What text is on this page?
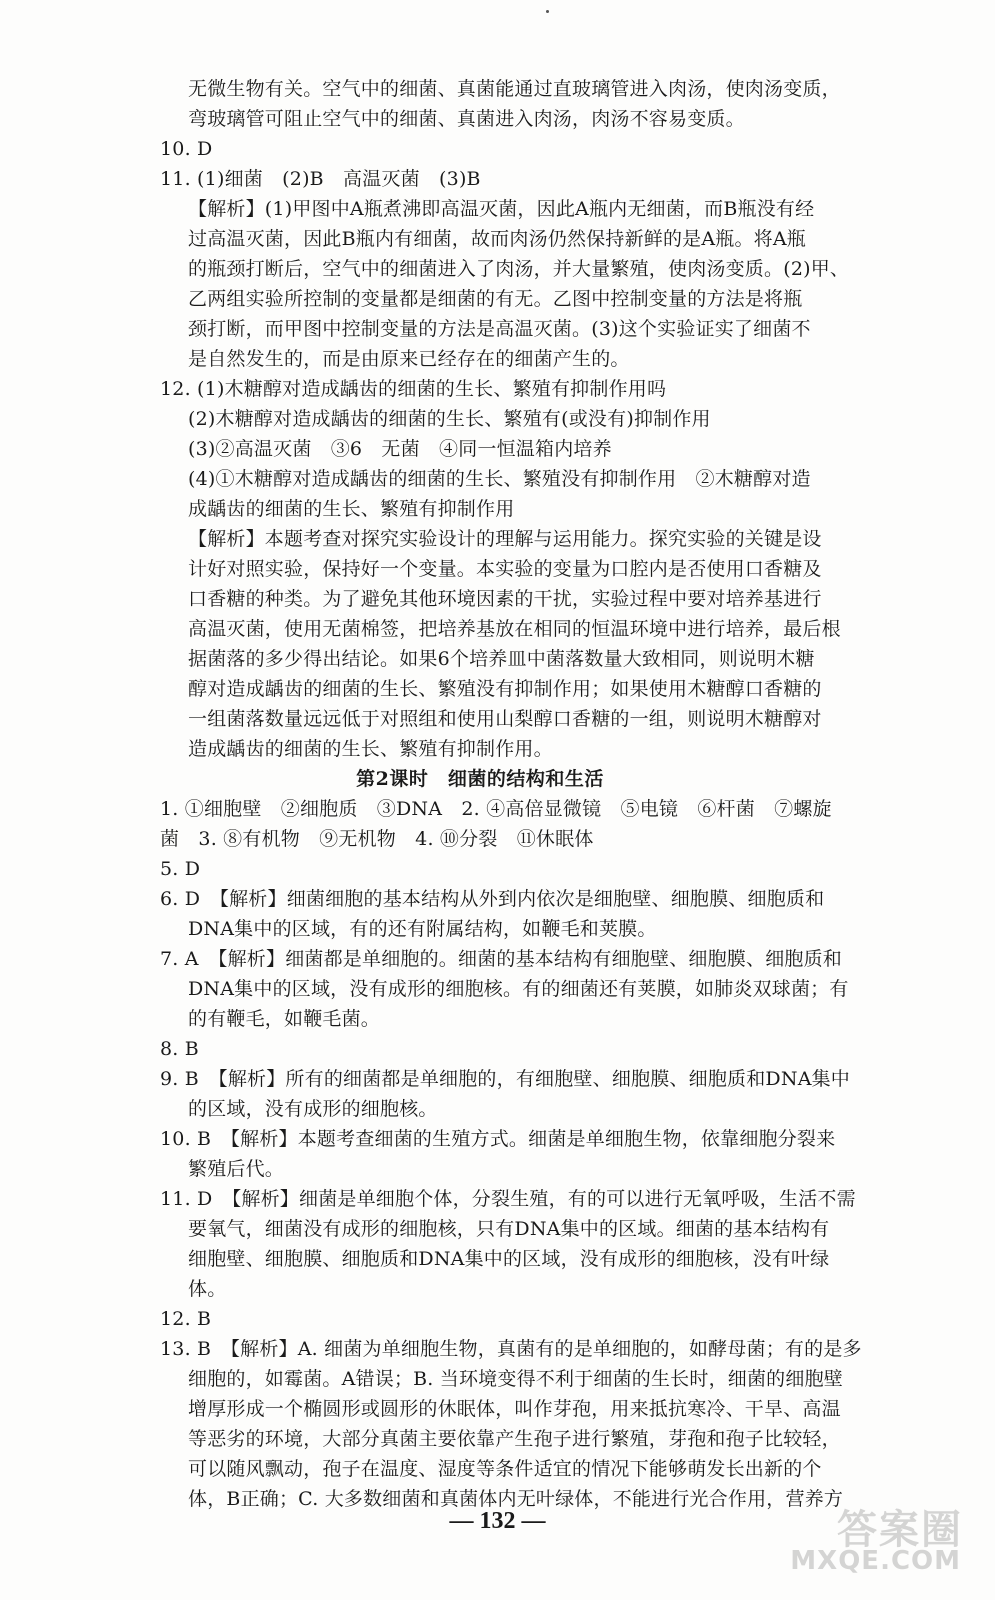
无微生物有关。空气中的细菌、真菌能通过直玻璃管进入肉汤，使肉汤变质，
弯玻璃管可阻止空气中的细菌、真菌进入肉汤，肉汤不容易变质。
10. D
11. (1)细菌　(2)B　高温灭菌　(3)B
【解析】(1)甲图中A瓶煮沸即高温灭菌，因此A瓶内无细菌，而B瓶没有经
过高温灭菌，因此B瓶内有细菌，故而肉汤仍然保持新鲜的是A瓶。将A瓶
的瓶颈打断后，空气中的细菌进入了肉汤，并大量繁殖，使肉汤变质。(2)甲、
乙两组实验所控制的变量都是细菌的有无。乙图中控制变量的方法是将瓶
颈打断，而甲图中控制变量的方法是高温灭菌。(3)这个实验证实了细菌不
是自然发生的，而是由原来已经存在的细菌产生的。
12. (1)木糖醇对造成龋齿的细菌的生长、繁殖有抑制作用吗
(2)木糖醇对造成龋齿的细菌的生长、繁殖有(或没有)抑制作用
(3)②高温灭菌　③6　无菌　④同一恒温箱内培养
(4)①木糖醇对造成龋齿的细菌的生长、繁殖没有抑制作用　②木糖醇对造
成龋齿的细菌的生长、繁殖有抑制作用
【解析】本题考查对探究实验设计的理解与运用能力。探究实验的关键是设
计好对照实验，保持好一个变量。本实验的变量为口腔内是否使用口香糖及
口香糖的种类。为了避免其他环境因素的干扰，实验过程中要对培养基进行
高温灭菌，使用无菌棉签，把培养基放在相同的恒温环境中进行培养，最后根
据菌落的多少得出结论。如果6个培养皿中菌落数量大致相同，则说明木糖
醇对造成龋齿的细菌的生长、繁殖没有抑制作用；如果使用木糖醇口香糖的
一组菌落数量远远低于对照组和使用山梨醇口香糖的一组，则说明木糖醇对
造成龋齿的细菌的生长、繁殖有抑制作用。
第2课时　细菌的结构和生活
1. ①细胞壁　②细胞质　③DNA　2. ④高倍显微镜　⑤电镜　⑥杆菌　⑦螺旋
菌　3. ⑧有机物　⑨无机物　4. ⑩分裂　⑪休眠体
5. D
6. D　【解析】细菌细胞的基本结构从外到内依次是细胞壁、细胞膜、细胞质和
DNA集中的区域，有的还有附属结构，如鞭毛和荚膜。
7. A　【解析】细菌都是单细胞的。细菌的基本结构有细胞壁、细胞膜、细胞质和
DNA集中的区域，没有成形的细胞核。有的细菌还有荚膜，如肺炎双球菌；有
的有鞭毛，如鞭毛菌。
8. B
9. B　【解析】所有的细菌都是单细胞的，有细胞壁、细胞膜、细胞质和DNA集中
的区域，没有成形的细胞核。
10. B　【解析】本题考查细菌的生殖方式。细菌是单细胞生物，依靠细胞分裂来
繁殖后代。
11. D　【解析】细菌是单细胞个体，分裂生殖，有的可以进行无氧呼吸，生活不需
要氧气，细菌没有成形的细胞核，只有DNA集中的区域。细菌的基本结构有
细胞壁、细胞膜、细胞质和DNA集中的区域，没有成形的细胞核，没有叶绿
体。
12. B
13. B　【解析】A. 细菌为单细胞生物，真菌有的是单细胞的，如酵母菌；有的是多
细胞的，如霉菌。A错误；B. 当环境变得不利于细菌的生长时，细菌的细胞壁
增厚形成一个椭圆形或圆形的休眠体，叫作芽孢，用来抵抗寒冷、干旱、高温
等恶劣的环境，大部分真菌主要依靠产生孢子进行繁殖，芽孢和孢子比较轻，
可以随风飘动，孢子在温度、湿度等条件适宜的情况下能够萌发长出新的个
体，B正确；C. 大多数细菌和真菌体内无叶绿体，不能进行光合作用，营养方
— 132 —	答案圈
MXQE.COM
